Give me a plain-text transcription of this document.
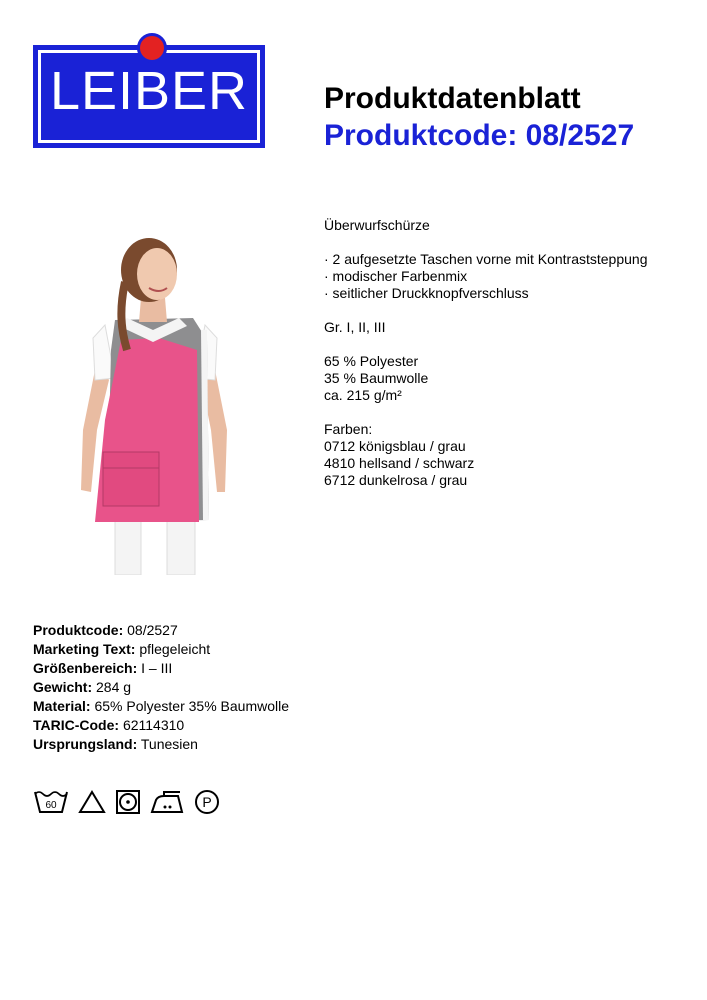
LEIBER	Produktdatenblatt
Produktcode: 08/2527

Überwurfschürze

· 2 aufgesetzte Taschen vorne mit Kontraststeppung

· modischer Farbenmix

· seitlicher Druckknopfverschluss

Gr. I, II, III

65 % Polyester

35 % Baumwolle

ca. 215 g/m²

Farben:

0712 königsblau / grau

4810 hellsand / schwarz

6712 dunkelrosa / grau

Produktcode: 08/2527
Marketing Text: pflegeleicht
Größenbereich: I – III
Gewicht: 284 g
Material: 65% Polyester 35% Baumwolle
TARIC-Code: 62114310
Ursprungsland: Tunesien
60	P
